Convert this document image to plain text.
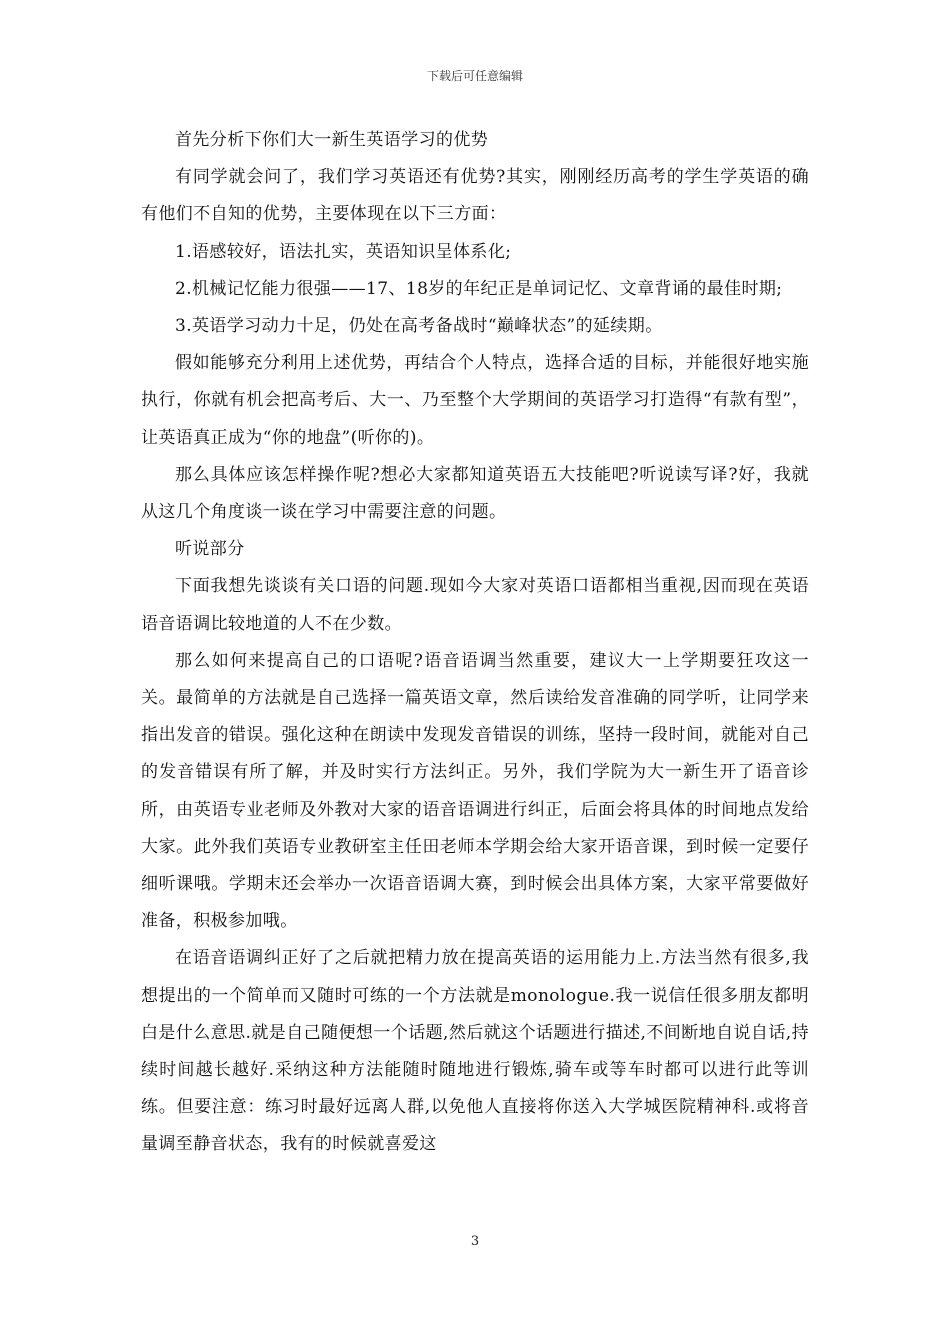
下载后可任意编辑

首先分析下你们大一新生英语学习的优势

有同学就会问了，我们学习英语还有优势?其实，刚刚经历高考的学生学英语的确有他们不自知的优势，主要体现在以下三方面：

1.语感较好，语法扎实，英语知识呈体系化;

2.机械记忆能力很强——17、18岁的年纪正是单词记忆、文章背诵的最佳时期;

3.英语学习动力十足，仍处在高考备战时“巅峰状态”的延续期。

假如能够充分利用上述优势，再结合个人特点，选择合适的目标，并能很好地实施执行，你就有机会把高考后、大一、乃至整个大学期间的英语学习打造得“有款有型”，让英语真正成为“你的地盘”(听你的)。

那么具体应该怎样操作呢?想必大家都知道英语五大技能吧?听说读写译?好，我就从这几个角度谈一谈在学习中需要注意的问题。

听说部分

下面我想先谈谈有关口语的问题.现如今大家对英语口语都相当重视,因而现在英语语音语调比较地道的人不在少数。

那么如何来提高自己的口语呢?语音语调当然重要，建议大一上学期要狂攻这一关。最简单的方法就是自己选择一篇英语文章，然后读给发音准确的同学听，让同学来指出发音的错误。强化这种在朗读中发现发音错误的训练，坚持一段时间，就能对自己的发音错误有所了解，并及时实行方法纠正。另外，我们学院为大一新生开了语音诊所，由英语专业老师及外教对大家的语音语调进行纠正，后面会将具体的时间地点发给大家。此外我们英语专业教研室主任田老师本学期会给大家开语音课，到时候一定要仔细听课哦。学期末还会举办一次语音语调大赛，到时候会出具体方案，大家平常要做好准备，积极参加哦。

在语音语调纠正好了之后就把精力放在提高英语的运用能力上.方法当然有很多,我想提出的一个简单而又随时可练的一个方法就是monologue.我一说信任很多朋友都明白是什么意思.就是自己随便想一个话题,然后就这个话题进行描述,不间断地自说自话,持续时间越长越好.采纳这种方法能随时随地进行锻炼,骑车或等车时都可以进行此等训练。但要注意：练习时最好远离人群,以免他人直接将你送入大学城医院精神科.或将音量调至静音状态，我有的时候就喜爱这

3
